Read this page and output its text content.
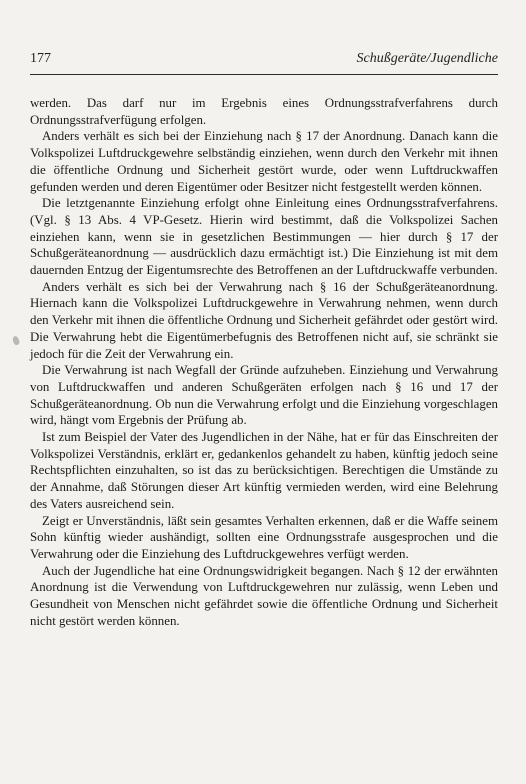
177	Schußgeräte/Jugendliche

werden. Das darf nur im Ergebnis eines Ordnungsstrafverfahrens durch Ordnungsstrafverfügung erfolgen.

Anders verhält es sich bei der Einziehung nach § 17 der Anordnung. Danach kann die Volkspolizei Luftdruckgewehre selbständig einziehen, wenn durch den Verkehr mit ihnen die öffentliche Ordnung und Sicherheit gestört wurde, oder wenn Luftdruckwaffen gefunden werden und deren Eigentümer oder Besitzer nicht festgestellt werden können.

Die letztgenannte Einziehung erfolgt ohne Einleitung eines Ordnungsstrafverfahrens. (Vgl. § 13 Abs. 4 VP-Gesetz. Hierin wird bestimmt, daß die Volkspolizei Sachen einziehen kann, wenn sie in gesetzlichen Bestimmungen — hier durch § 17 der Schußgeräteanordnung — ausdrücklich dazu ermächtigt ist.) Die Einziehung ist mit dem dauernden Entzug der Eigentumsrechte des Betroffenen an der Luftdruckwaffe verbunden.

Anders verhält es sich bei der Verwahrung nach § 16 der Schußgeräteanordnung. Hiernach kann die Volkspolizei Luftdruckgewehre in Verwahrung nehmen, wenn durch den Verkehr mit ihnen die öffentliche Ordnung und Sicherheit gefährdet oder gestört wird. Die Verwahrung hebt die Eigentümerbefugnis des Betroffenen nicht auf, sie schränkt sie jedoch für die Zeit der Verwahrung ein.

Die Verwahrung ist nach Wegfall der Gründe aufzuheben. Einziehung und Verwahrung von Luftdruckwaffen und anderen Schußgeräten erfolgen nach § 16 und 17 der Schußgeräteanordnung. Ob nun die Verwahrung erfolgt und die Einziehung vorgeschlagen wird, hängt vom Ergebnis der Prüfung ab.

Ist zum Beispiel der Vater des Jugendlichen in der Nähe, hat er für das Einschreiten der Volkspolizei Verständnis, erklärt er, gedankenlos gehandelt zu haben, künftig jedoch seine Rechtspflichten einzuhalten, so ist das zu berücksichtigen. Berechtigen die Umstände zu der Annahme, daß Störungen dieser Art künftig vermieden werden, wird eine Belehrung des Vaters ausreichend sein.

Zeigt er Unverständnis, läßt sein gesamtes Verhalten erkennen, daß er die Waffe seinem Sohn künftig wieder aushändigt, sollten eine Ordnungsstrafe ausgesprochen und die Verwahrung oder die Einziehung des Luftdruckgewehres verfügt werden.

Auch der Jugendliche hat eine Ordnungswidrigkeit begangen. Nach § 12 der erwähnten Anordnung ist die Verwendung von Luftdruckgewehren nur zulässig, wenn Leben und Gesundheit von Menschen nicht gefährdet sowie die öffentliche Ordnung und Sicherheit nicht gestört werden können.
